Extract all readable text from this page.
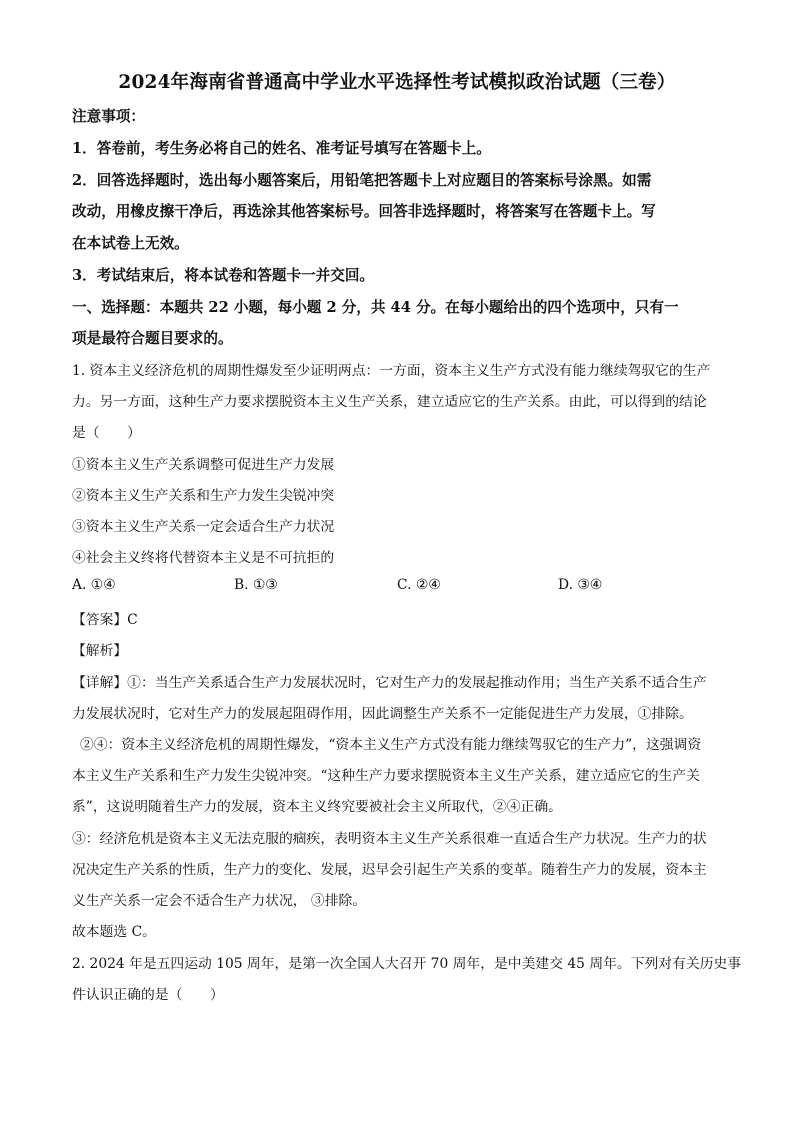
2024年海南省普通高中学业水平选择性考试模拟政治试题（三卷）
注意事项：
1．答卷前，考生务必将自己的姓名、准考证号填写在答题卡上。
2．回答选择题时，选出每小题答案后，用铅笔把答题卡上对应题目的答案标号涂黑。如需
改动，用橡皮擦干净后，再选涂其他答案标号。回答非选择题时，将答案写在答题卡上。写
在本试卷上无效。
3．考试结束后，将本试卷和答题卡一并交回。
一、选择题：本题共 22 小题，每小题 2 分，共 44 分。在每小题给出的四个选项中，只有一
项是最符合题目要求的。
1. 资本主义经济危机的周期性爆发至少证明两点：一方面，资本主义生产方式没有能力继续驾驭它的生产
力。另一方面，这种生产力要求摆脱资本主义生产关系，建立适应它的生产关系。由此，可以得到的结论
是（　　）
①资本主义生产关系调整可促进生产力发展
②资本主义生产关系和生产力发生尖锐冲突
③资本主义生产关系一定会适合生产力状况
④社会主义终将代替资本主义是不可抗拒的
A. ①④	B. ①③	C. ②④	D. ③④
【答案】C
【解析】
【详解】①：当生产关系适合生产力发展状况时，它对生产力的发展起推动作用；当生产关系不适合生产
力发展状况时，它对生产力的发展起阻碍作用，因此调整生产关系不一定能促进生产力发展，①排除。
②④：资本主义经济危机的周期性爆发，“资本主义生产方式没有能力继续驾驭它的生产力”，这强调资
本主义生产关系和生产力发生尖锐冲突。“这种生产力要求摆脱资本主义生产关系，建立适应它的生产关
系”，这说明随着生产力的发展，资本主义终究要被社会主义所取代，②④正确。
③：经济危机是资本主义无法克服的痼疾，表明资本主义生产关系很难一直适合生产力状况。生产力的状
况决定生产关系的性质，生产力的变化、发展，迟早会引起生产关系的变革。随着生产力的发展，资本主
义生产关系一定会不适合生产力状况， ③排除。
故本题选 C。
2. 2024 年是五四运动 105 周年，是第一次全国人大召开 70 周年，是中美建交 45 周年。下列对有关历史事
件认识正确的是（　　）
